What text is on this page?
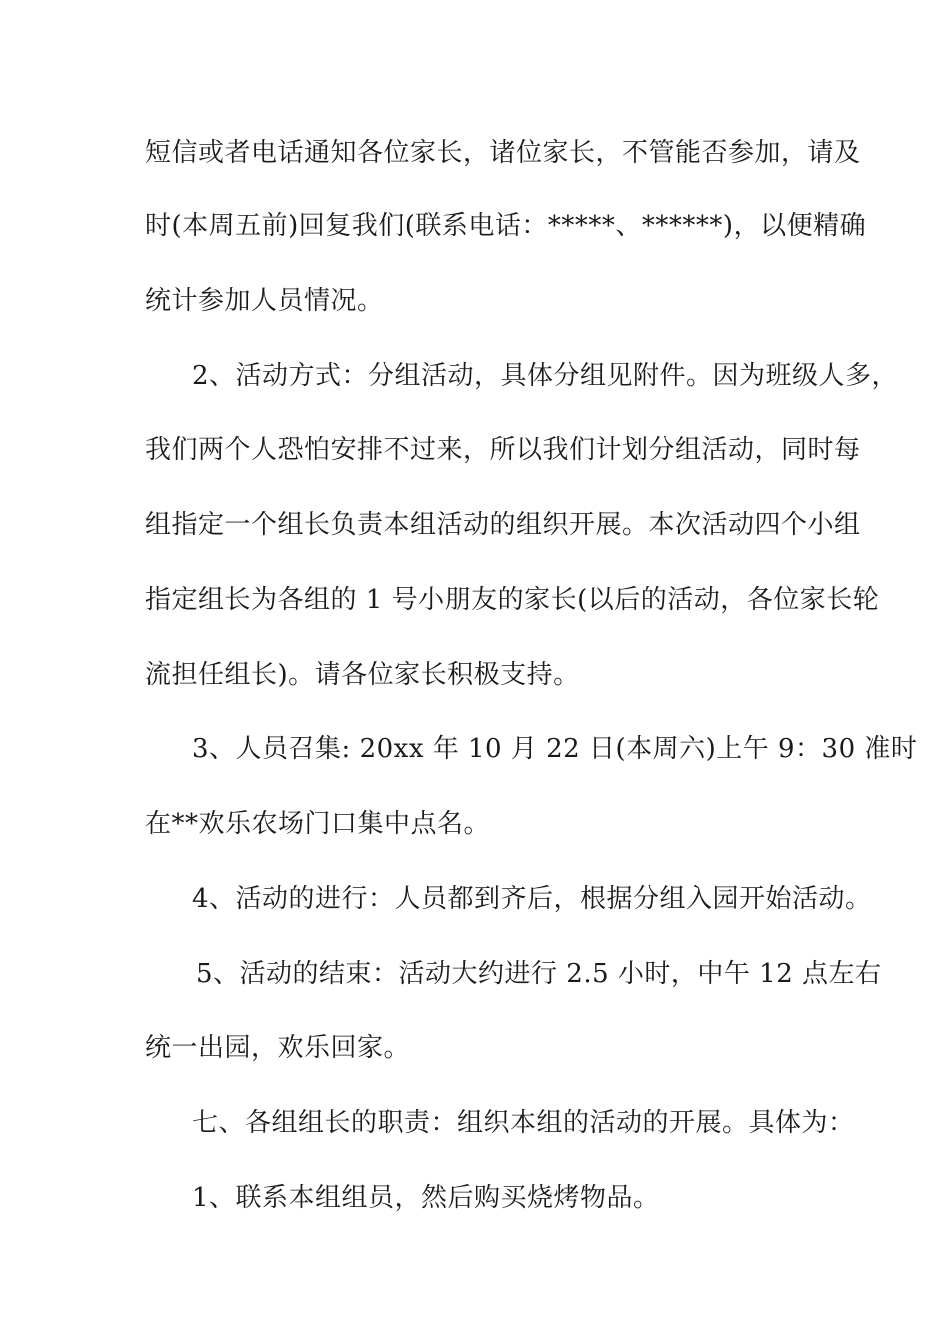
短信或者电话通知各位家长，诸位家长，不管能否参加，请及
时(本周五前)回复我们(联系电话：*****、******)，以便精确
统计参加人员情况。
2、活动方式：分组活动，具体分组见附件。因为班级人多，
我们两个人恐怕安排不过来，所以我们计划分组活动，同时每
组指定一个组长负责本组活动的组织开展。本次活动四个小组
指定组长为各组的 1 号小朋友的家长(以后的活动，各位家长轮
流担任组长)。请各位家长积极支持。
3、人员召集: 20xx 年 10 月 22 日(本周六)上午 9：30 准时
在**欢乐农场门口集中点名。
4、活动的进行：人员都到齐后，根据分组入园开始活动。
5、活动的结束：活动大约进行 2.5 小时，中午 12 点左右
统一出园，欢乐回家。
七、各组组长的职责：组织本组的活动的开展。具体为：
1、联系本组组员，然后购买烧烤物品。
